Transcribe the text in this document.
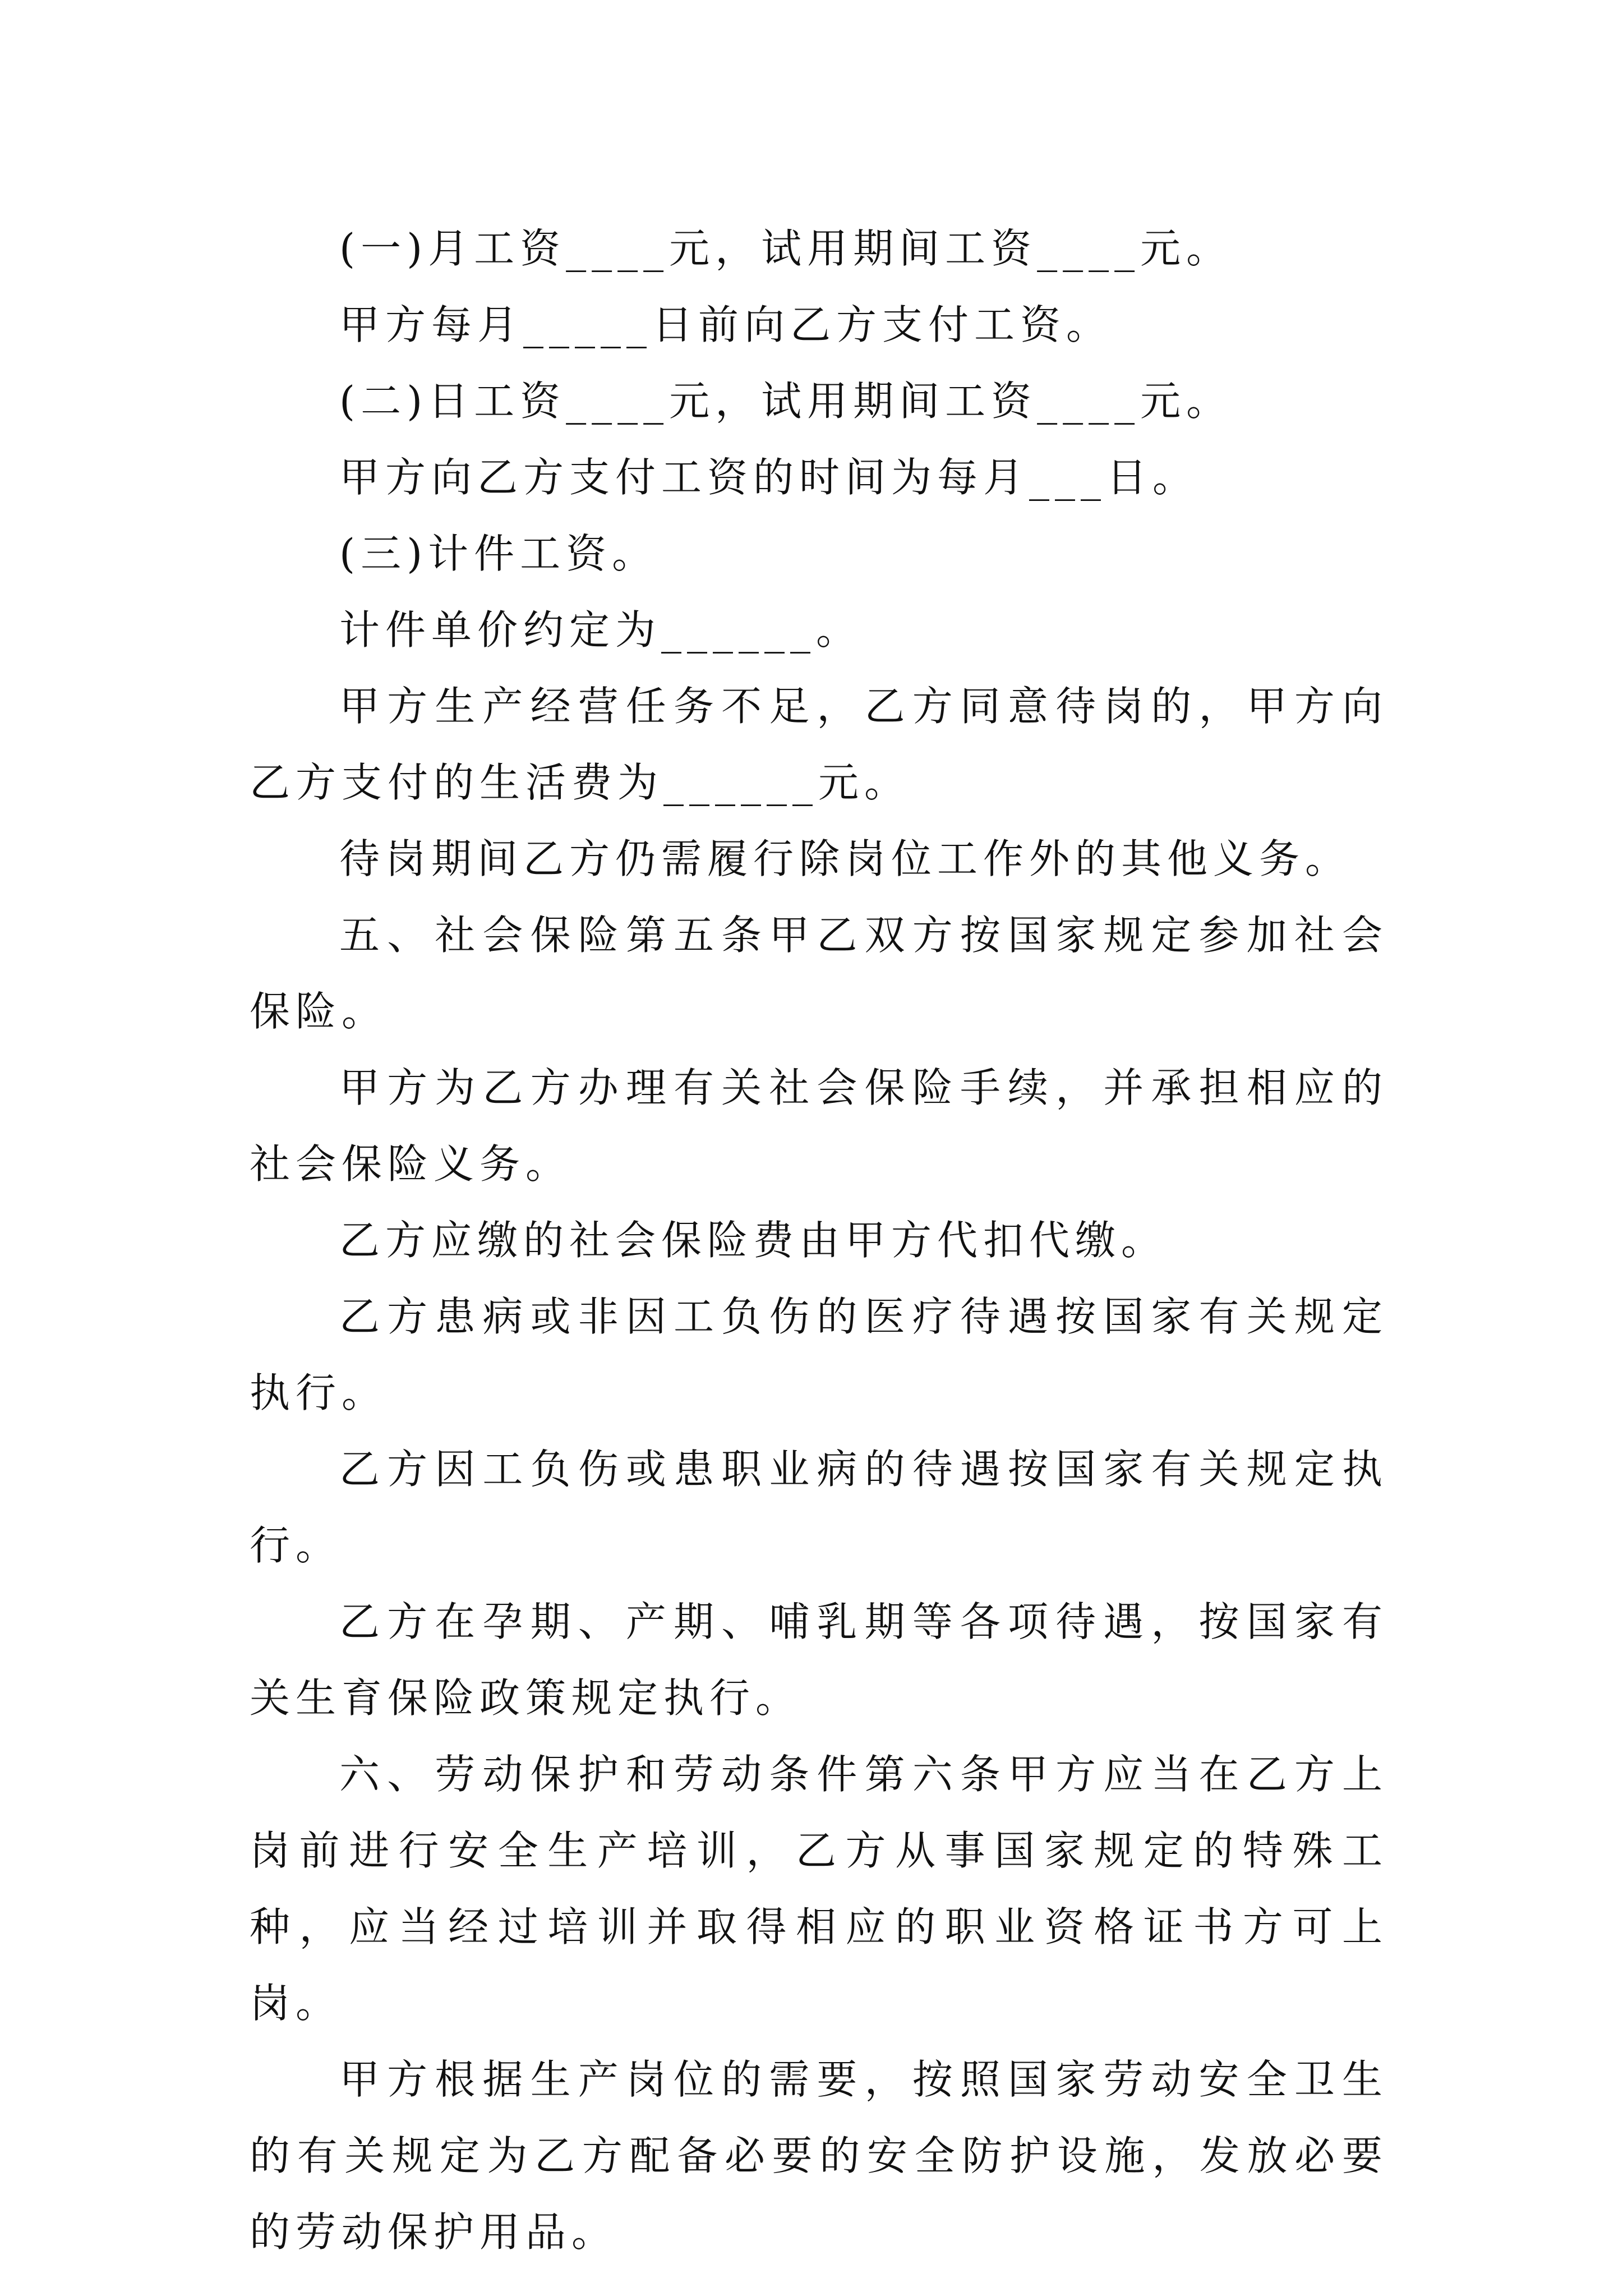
(一)月工资____元，试用期间工资____元。

甲方每月_____日前向乙方支付工资。

(二)日工资____元，试用期间工资____元。

甲方向乙方支付工资的时间为每月___日。

(三)计件工资。

计件单价约定为______。

甲方生产经营任务不足，乙方同意待岗的，甲方向乙方支付的生活费为______元。

待岗期间乙方仍需履行除岗位工作外的其他义务。

五、社会保险第五条甲乙双方按国家规定参加社会保险。

甲方为乙方办理有关社会保险手续，并承担相应的社会保险义务。

乙方应缴的社会保险费由甲方代扣代缴。

乙方患病或非因工负伤的医疗待遇按国家有关规定执行。

乙方因工负伤或患职业病的待遇按国家有关规定执行。

乙方在孕期、产期、哺乳期等各项待遇，按国家有关生育保险政策规定执行。

六、劳动保护和劳动条件第六条甲方应当在乙方上岗前进行安全生产培训，乙方从事国家规定的特殊工种，应当经过培训并取得相应的职业资格证书方可上岗。

甲方根据生产岗位的需要，按照国家劳动安全卫生的有关规定为乙方配备必要的安全防护设施，发放必要的劳动保护用品。
